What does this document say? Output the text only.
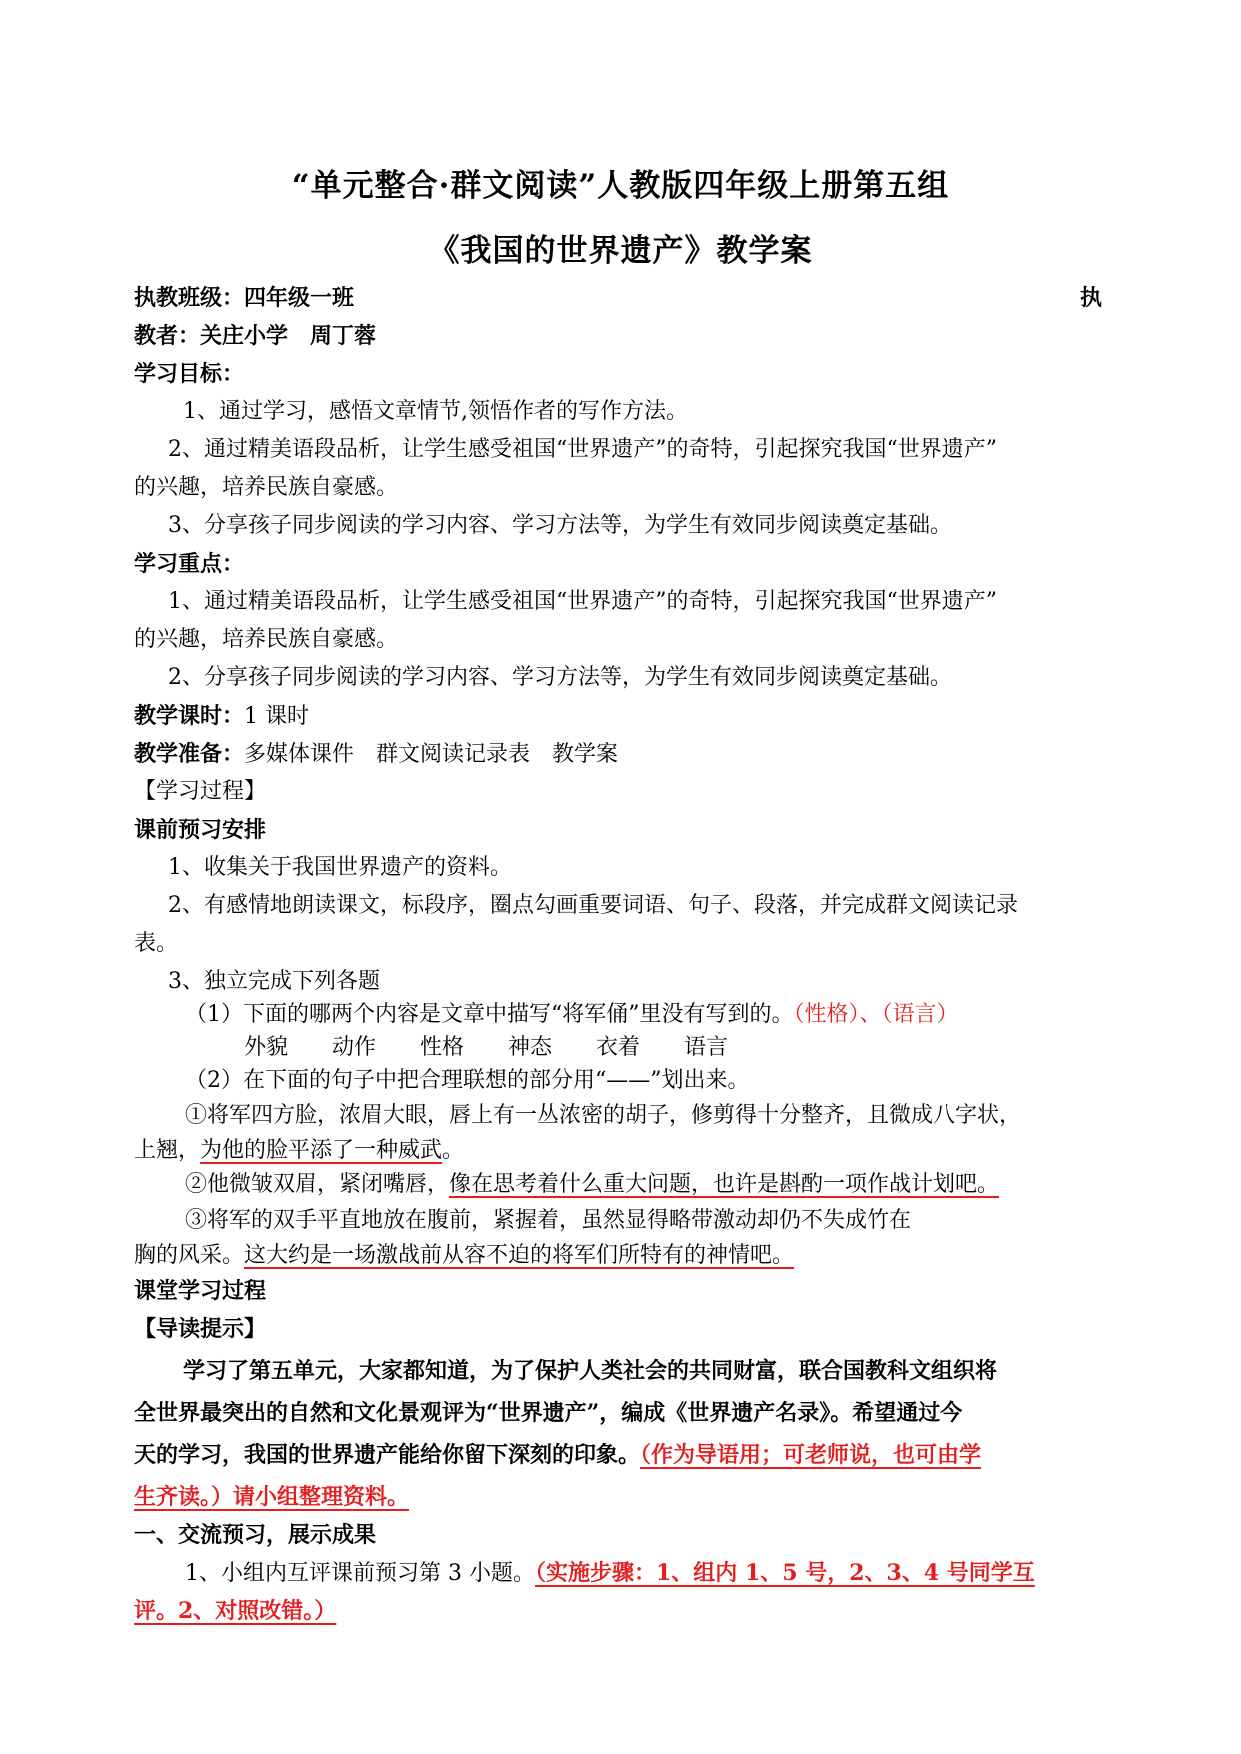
“单元整合·群文阅读”人教版四年级上册第五组
《我国的世界遗产》教学案
执教班级：四年级一班	执
教者：关庄小学　周丁蓉
学习目标：
1、通过学习，感悟文章情节,领悟作者的写作方法。
2、通过精美语段品析，让学生感受祖国“世界遗产”的奇特，引起探究我国“世界遗产”
的兴趣，培养民族自豪感。
3、分享孩子同步阅读的学习内容、学习方法等，为学生有效同步阅读奠定基础。
学习重点：
1、通过精美语段品析，让学生感受祖国“世界遗产”的奇特，引起探究我国“世界遗产”
的兴趣，培养民族自豪感。
2、分享孩子同步阅读的学习内容、学习方法等，为学生有效同步阅读奠定基础。
教学课时：1 课时
教学准备：多媒体课件　群文阅读记录表　教学案
【学习过程】
课前预习安排
1、收集关于我国世界遗产的资料。
2、有感情地朗读课文，标段序，圈点勾画重要词语、句子、段落，并完成群文阅读记录
表。
3、独立完成下列各题
（1）下面的哪两个内容是文章中描写“将军俑”里没有写到的。（性格）、（语言）
外貌　　动作　　性格　　神态　　衣着　　语言
（2）在下面的句子中把合理联想的部分用“——”划出来。
①将军四方脸，浓眉大眼，唇上有一丛浓密的胡子，修剪得十分整齐，且微成八字状，
上翘，为他的脸平添了一种威武。
②他微皱双眉，紧闭嘴唇，像在思考着什么重大问题，也许是斟酌一项作战计划吧。
③将军的双手平直地放在腹前，紧握着，虽然显得略带激动却仍不失成竹在
胸的风采。这大约是一场激战前从容不迫的将军们所特有的神情吧。
课堂学习过程
【导读提示】
学习了第五单元，大家都知道，为了保护人类社会的共同财富，联合国教科文组织将
全世界最突出的自然和文化景观评为“世界遗产”，编成《世界遗产名录》。希望通过今
天的学习，我国的世界遗产能给你留下深刻的印象。（作为导语用；可老师说，也可由学
生齐读。）请小组整理资料。
一、交流预习，展示成果
1、小组内互评课前预习第 3 小题。（实施步骤：1、组内 1、5 号，2、3、4 号同学互
评。2、对照改错。）
